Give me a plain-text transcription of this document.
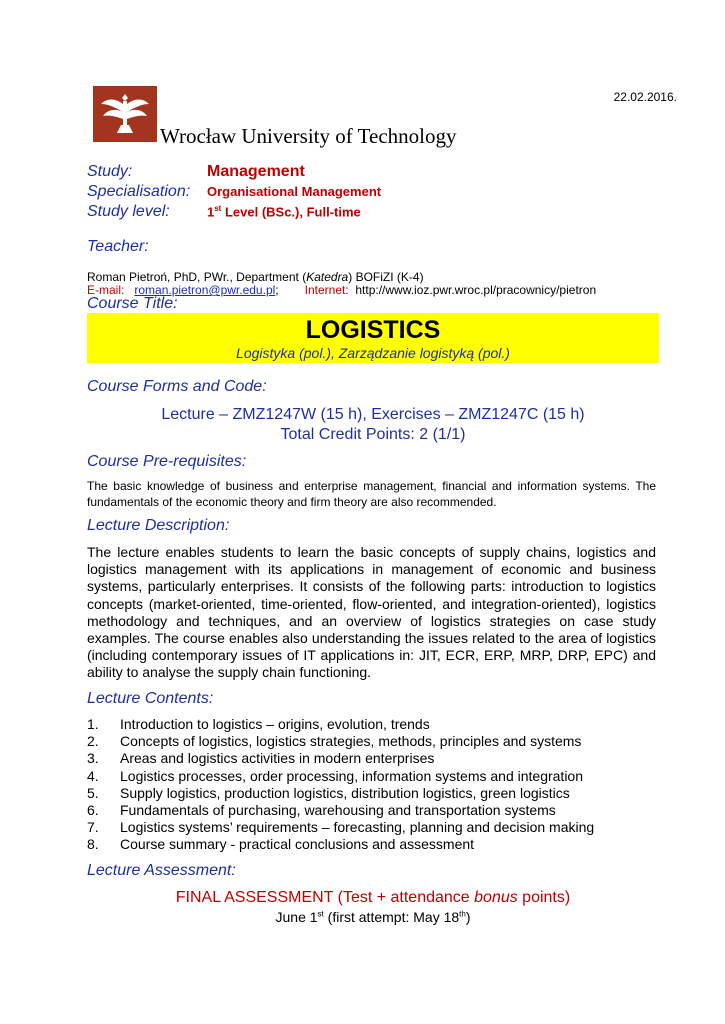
22.02.2016.
Wrocław University of Technology
Study:	Management
Specialisation:	Organisational Management
Study level:	1st Level (BSc.), Full-time
Teacher:
Roman Pietroń, PhD, PWr., Department (Katedra) BOFiZI (K-4)
E-mail:   roman.pietron@pwr.edu.pl; Internet:  http://www.ioz.pwr.wroc.pl/pracownicy/pietron
Course Title:
LOGISTICS
Logistyka (pol.), Zarządzanie logistyką (pol.)
Course Forms and Code:
Lecture – ZMZ1247W (15 h), Exercises – ZMZ1247C (15 h)
Total Credit Points: 2 (1/1)
Course Pre-requisites:
The basic knowledge of business and enterprise management, financial and information systems. The fundamentals of the economic theory and firm theory are also recommended.
Lecture Description:
The lecture enables students to learn the basic concepts of supply chains, logistics and logistics management with its applications in management of economic and business systems, particularly enterprises. It consists of the following parts: introduction to logistics concepts (market-oriented, time-oriented, flow-oriented, and integration-oriented), logistics methodology and techniques, and an overview of logistics strategies on case study examples. The course enables also understanding the issues related to the area of logistics (including contemporary issues of IT applications in: JIT, ECR, ERP, MRP, DRP, EPC) and ability to analyse the supply chain functioning.
Lecture Contents:
1.	Introduction to logistics – origins, evolution, trends
2.	Concepts of logistics, logistics strategies, methods, principles and systems
3.	Areas and logistics activities in modern enterprises
4.	Logistics processes, order processing, information systems and integration
5.	Supply logistics, production logistics, distribution logistics, green logistics
6.	Fundamentals of purchasing, warehousing and transportation systems
7.	Logistics systems’ requirements – forecasting, planning and decision making
8.	Course summary - practical conclusions and assessment
Lecture Assessment:
FINAL ASSESSMENT (Test + attendance bonus points)
June 1st (first attempt: May 18th)
